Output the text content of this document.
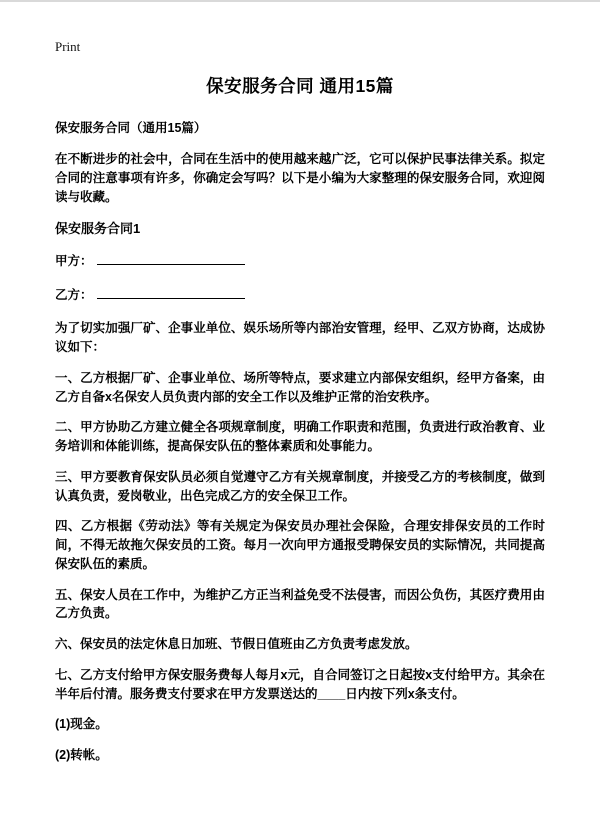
Print
保安服务合同 通用15篇

保安服务合同（通用15篇）

在不断进步的社会中，合同在生活中的使用越来越广泛，它可以保护民事法律关系。拟定合同的注意事项有许多，你确定会写吗？以下是小编为大家整理的保安服务合同，欢迎阅读与收藏。

保安服务合同1
甲方：
乙方：

为了切实加强厂矿、企事业单位、娱乐场所等内部治安管理，经甲、乙双方协商，达成协议如下：

一、乙方根据厂矿、企事业单位、场所等特点，要求建立内部保安组织，经甲方备案，由乙方自备x名保安人员负责内部的安全工作以及维护正常的治安秩序。

二、甲方协助乙方建立健全各项规章制度，明确工作职责和范围，负责进行政治教育、业务培训和体能训练，提高保安队伍的整体素质和处事能力。

三、甲方要教育保安队员必须自觉遵守乙方有关规章制度，并接受乙方的考核制度，做到认真负责，爱岗敬业，出色完成乙方的安全保卫工作。

四、乙方根据《劳动法》等有关规定为保安员办理社会保险，合理安排保安员的工作时间，不得无故拖欠保安员的工资。每月一次向甲方通报受聘保安员的实际情况，共同提高保安队伍的素质。

五、保安人员在工作中，为维护乙方正当利益免受不法侵害，而因公负伤，其医疗费用由乙方负责。

六、保安员的法定休息日加班、节假日值班由乙方负责考虑发放。

七、乙方支付给甲方保安服务费每人每月x元，自合同签订之日起按x支付给甲方。其余在半年后付清。服务费支付要求在甲方发票送达的____日内按下列x条支付。

(1)现金。

(2)转帐。
